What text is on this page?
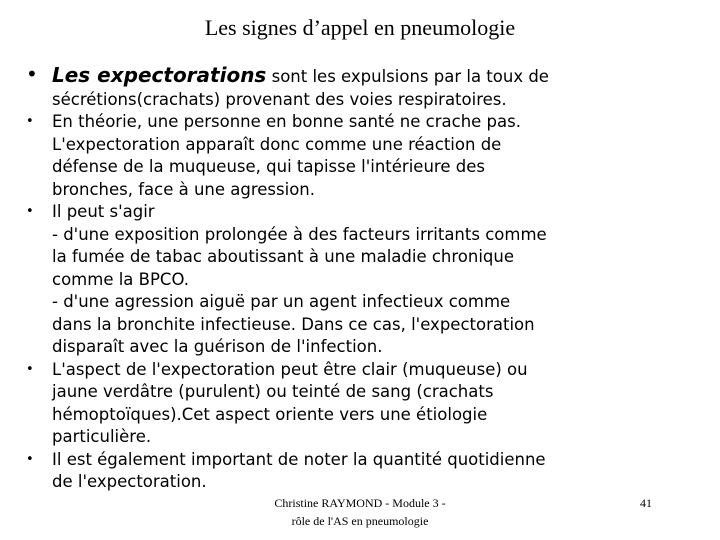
Les signes d’appel en pneumologie
• Les expectorations sont les expulsions par la toux de
sécrétions(crachats) provenant des voies respiratoires.
•	En théorie, une personne en bonne santé ne crache pas.
L'expectoration apparaît donc comme une réaction de
défense de la muqueuse, qui tapisse l'intérieure des
bronches, face à une agression.
•	Il peut s'agir
- d'une exposition prolongée à des facteurs irritants comme
la fumée de tabac aboutissant à une maladie chronique
comme la BPCO.
- d'une agression aiguë par un agent infectieux comme
dans la bronchite infectieuse. Dans ce cas, l'expectoration
disparaît avec la guérison de l'infection.
•	L'aspect de l'expectoration peut être clair (muqueuse) ou
jaune verdâtre (purulent) ou teinté de sang (crachats
hémoptoïques).Cet aspect oriente vers une étiologie
particulière.
•	Il est également important de noter la quantité quotidienne
de l'expectoration.
Christine RAYMOND - Module 3 -
rôle de l'AS en pneumologie
41
